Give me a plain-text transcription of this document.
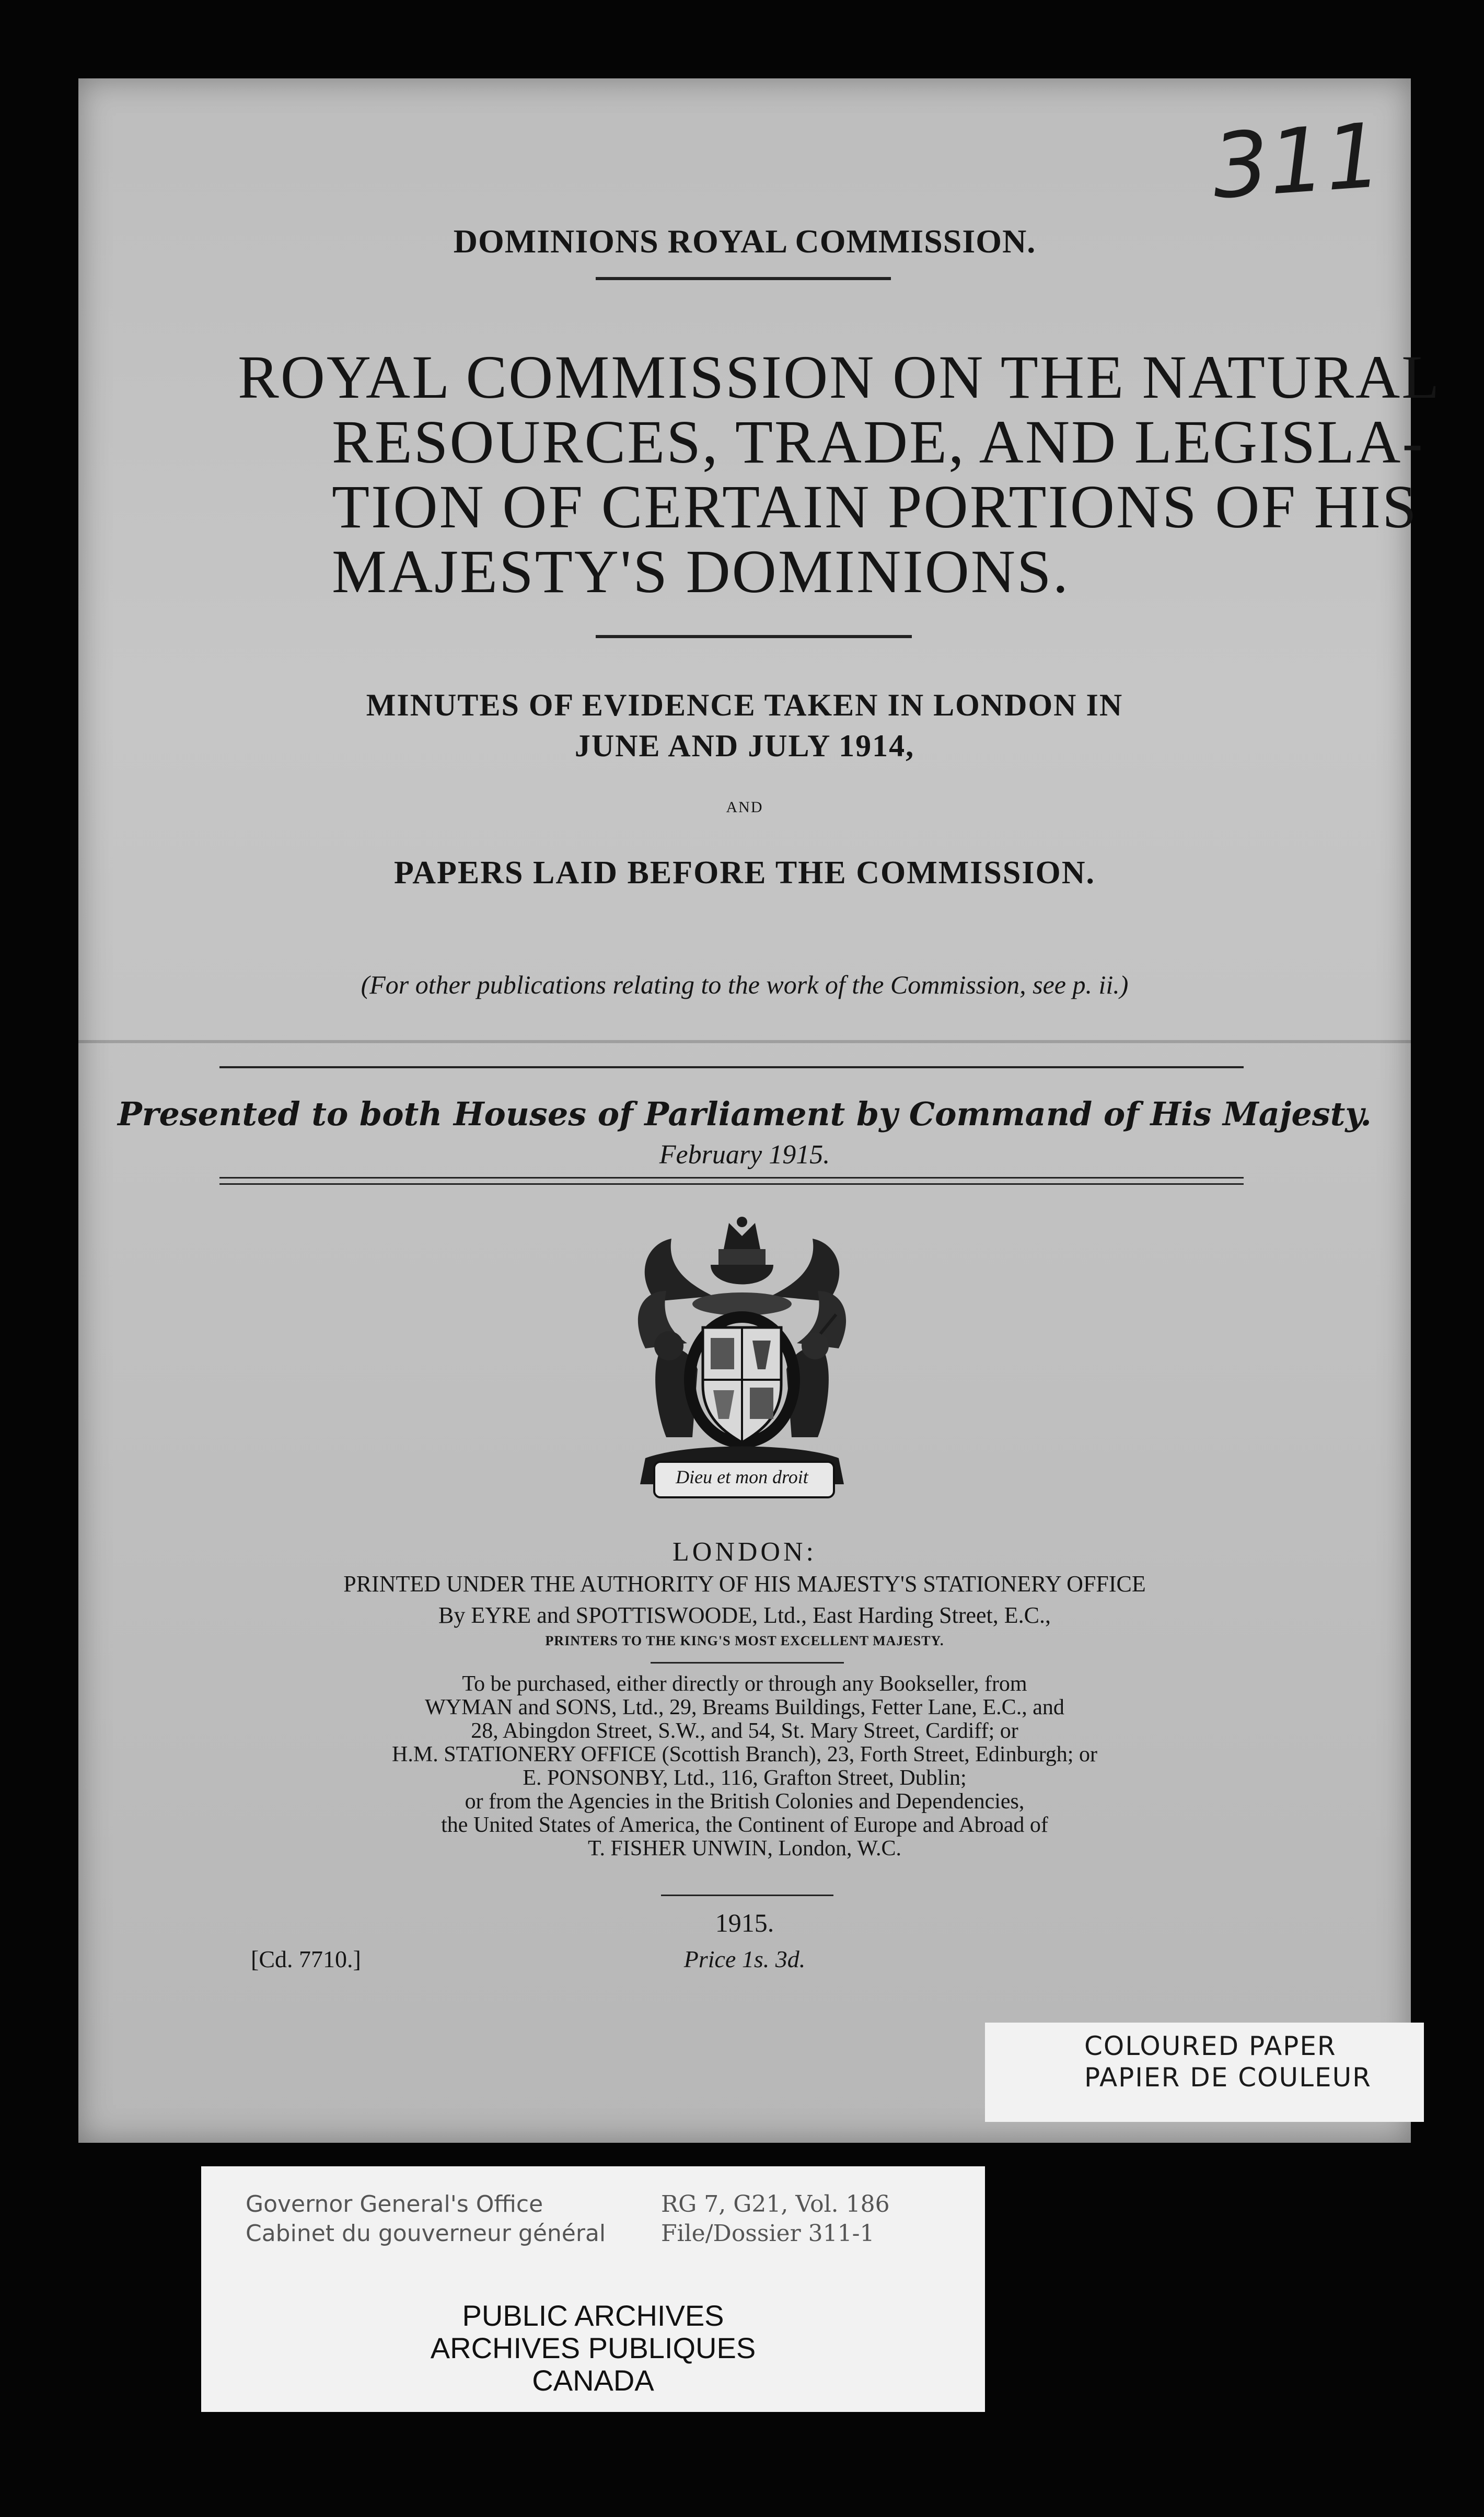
311
DOMINIONS ROYAL COMMISSION.
ROYAL COMMISSION ON THE NATURAL
RESOURCES, TRADE, AND LEGISLA-
TION OF CERTAIN PORTIONS OF HIS
MAJESTY'S DOMINIONS.
MINUTES OF EVIDENCE TAKEN IN LONDON IN
JUNE AND JULY 1914,
AND
PAPERS LAID BEFORE THE COMMISSION.
(For other publications relating to the work of the Commission, see p. ii.)
Presented to both Houses of Parliament by Command of His Majesty.
February 1915.
Dieu et mon droit
LONDON:
PRINTED UNDER THE AUTHORITY OF HIS MAJESTY'S STATIONERY OFFICE
By EYRE and SPOTTISWOODE, Ltd., East Harding Street, E.C.,
PRINTERS TO THE KING'S MOST EXCELLENT MAJESTY.
To be purchased, either directly or through any Bookseller, from
WYMAN and SONS, Ltd., 29, Breams Buildings, Fetter Lane, E.C., and
28, Abingdon Street, S.W., and 54, St. Mary Street, Cardiff; or
H.M. STATIONERY OFFICE (Scottish Branch), 23, Forth Street, Edinburgh; or
E. PONSONBY, Ltd., 116, Grafton Street, Dublin;
or from the Agencies in the British Colonies and Dependencies,
the United States of America, the Continent of Europe and Abroad of
T. FISHER UNWIN, London, W.C.
1915.
[Cd. 7710.]	Price 1s. 3d.
COLOURED PAPER
PAPIER DE COULEUR
Governor General's Office
Cabinet du gouverneur général
RG 7, G21, Vol. 186
File/Dossier 311-1
PUBLIC ARCHIVES
ARCHIVES PUBLIQUES
CANADA
